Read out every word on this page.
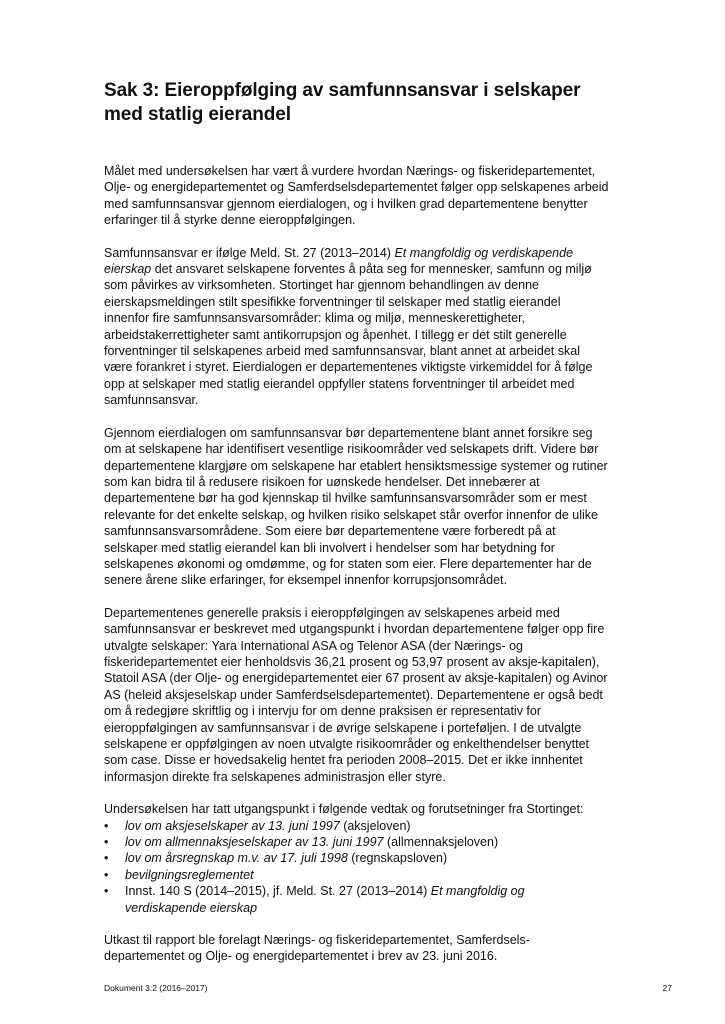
Sak 3: Eieroppfølging av samfunnsansvar i selskaper med statlig eierandel

Målet med undersøkelsen har vært å vurdere hvordan Nærings- og fiskeridepartementet, Olje- og energidepartementet og Samferdselsdepartementet følger opp selskapenes arbeid med samfunnsansvar gjennom eierdialogen, og i hvilken grad departementene benytter erfaringer til å styrke denne eieroppfølgingen.

Samfunnsansvar er ifølge Meld. St. 27 (2013–2014) Et mangfoldig og verdiskapende eierskap det ansvaret selskapene forventes å påta seg for mennesker, samfunn og miljø som påvirkes av virksomheten. Stortinget har gjennom behandlingen av denne eierskapsmeldingen stilt spesifikke forventninger til selskaper med statlig eierandel innenfor fire samfunnsansvarsområder: klima og miljø, menneskerettigheter, arbeidstakerrettigheter samt antikorrupsjon og åpenhet. I tillegg er det stilt generelle forventninger til selskapenes arbeid med samfunnsansvar, blant annet at arbeidet skal være forankret i styret. Eierdialogen er departementenes viktigste virkemiddel for å følge opp at selskaper med statlig eierandel oppfyller statens forventninger til arbeidet med samfunnsansvar.

Gjennom eierdialogen om samfunnsansvar bør departementene blant annet forsikre seg om at selskapene har identifisert vesentlige risikoområder ved selskapets drift. Videre bør departementene klargjøre om selskapene har etablert hensiktsmessige systemer og rutiner som kan bidra til å redusere risikoen for uønskede hendelser. Det innebærer at departementene bør ha god kjennskap til hvilke samfunnsansvarsområder som er mest relevante for det enkelte selskap, og hvilken risiko selskapet står overfor innenfor de ulike samfunnsansvarsområdene. Som eiere bør departementene være forberedt på at selskaper med statlig eierandel kan bli involvert i hendelser som har betydning for selskapenes økonomi og omdømme, og for staten som eier. Flere departementer har de senere årene slike erfaringer, for eksempel innenfor korrupsjonsområdet.

Departementenes generelle praksis i eieroppfølgingen av selskapenes arbeid med samfunnsansvar er beskrevet med utgangspunkt i hvordan departementene følger opp fire utvalgte selskaper: Yara International ASA og Telenor ASA (der Nærings- og fiskeridepartementet eier henholdsvis 36,21 prosent og 53,97 prosent av aksje-kapitalen), Statoil ASA (der Olje- og energidepartementet eier 67 prosent av aksje-kapitalen) og Avinor AS (heleid aksjeselskap under Samferdselsdepartementet). Departementene er også bedt om å redegjøre skriftlig og i intervju for om denne praksisen er representativ for eieroppfølgingen av samfunnsansvar i de øvrige selskapene i porteføljen. I de utvalgte selskapene er oppfølgingen av noen utvalgte risikoområder og enkelthendelser benyttet som case. Disse er hovedsakelig hentet fra perioden 2008–2015. Det er ikke innhentet informasjon direkte fra selskapenes administrasjon eller styre.

Undersøkelsen har tatt utgangspunkt i følgende vedtak og forutsetninger fra Stortinget:

• lov om aksjeselskaper av 13. juni 1997 (aksjeloven)
• lov om allmennaksjeselskaper av 13. juni 1997 (allmennaksjeloven)
• lov om årsregnskap m.v. av 17. juli 1998 (regnskapsloven)
• bevilgningsreglementet
• Innst. 140 S (2014–2015), jf. Meld. St. 27 (2013–2014) Et mangfoldig og verdiskapende eierskap

Utkast til rapport ble forelagt Nærings- og fiskeridepartementet, Samferdsels-departementet og Olje- og energidepartementet i brev av 23. juni 2016.

Dokument 3:2 (2016–2017)	27
